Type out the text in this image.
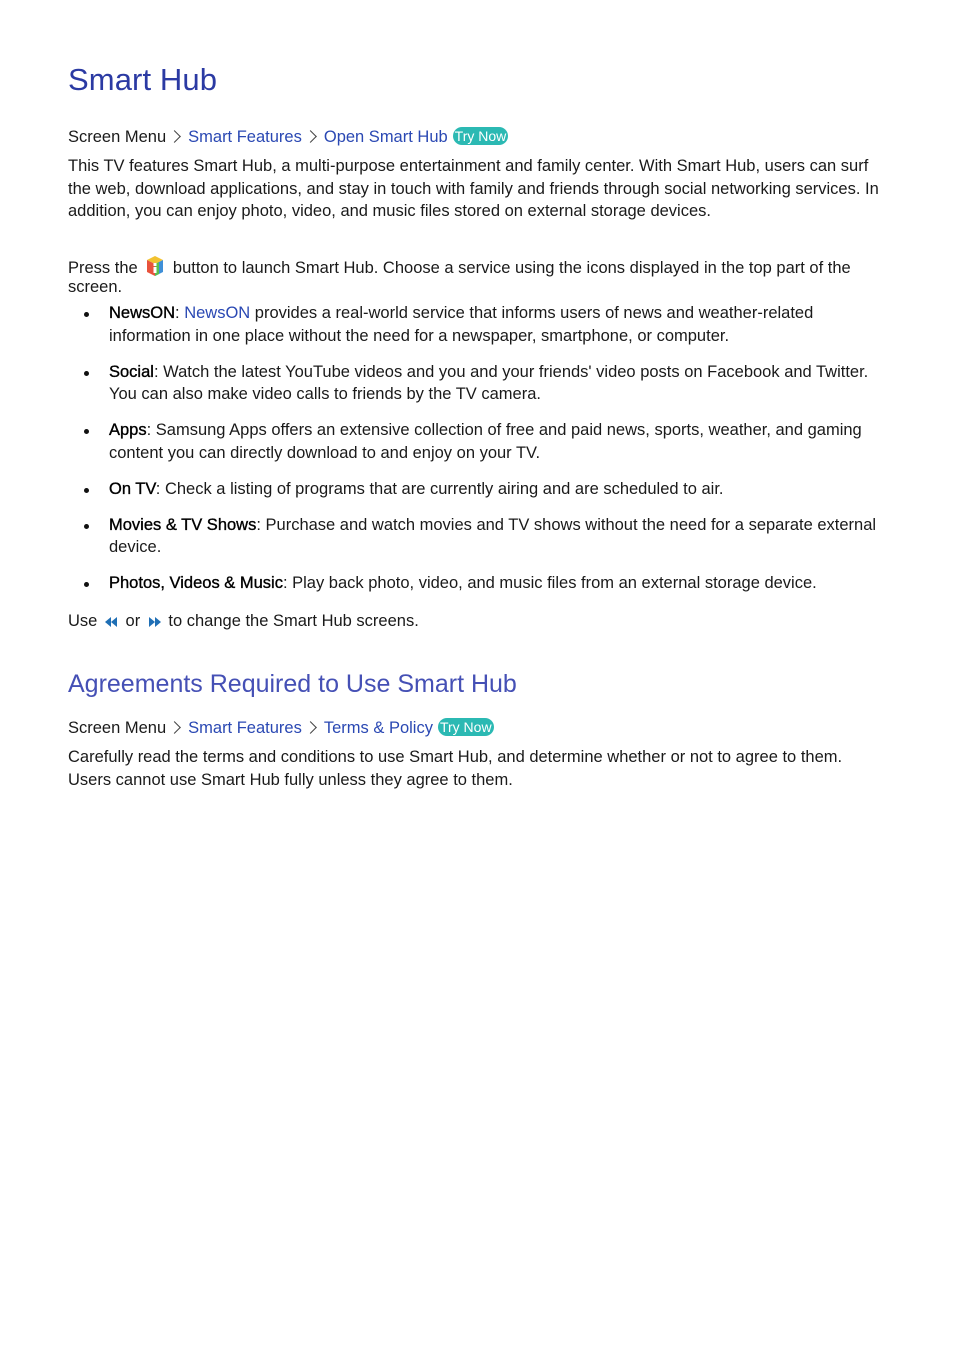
Smart Hub
Screen Menu Smart Features Open Smart Hub Try Now

This TV features Smart Hub, a multi-purpose entertainment and family center. With Smart Hub, users can surf the web, download applications, and stay in touch with family and friends through social networking services. In addition, you can enjoy photo, video, and music files stored on external storage devices.

Press the button to launch Smart Hub. Choose a service using the icons displayed in the top part of the screen.

NewsON: NewsON provides a real-world service that informs users of news and weather-related information in one place without the need for a newspaper, smartphone, or computer.
Social: Watch the latest YouTube videos and you and your friends' video posts on Facebook and Twitter. You can also make video calls to friends by the TV camera.
Apps: Samsung Apps offers an extensive collection of free and paid news, sports, weather, and gaming content you can directly download to and enjoy on your TV.
On TV: Check a listing of programs that are currently airing and are scheduled to air.
Movies & TV Shows: Purchase and watch movies and TV shows without the need for a separate external device.
Photos, Videos & Music: Play back photo, video, and music files from an external storage device.

Use or to change the Smart Hub screens.

Agreements Required to Use Smart Hub
Screen Menu Smart Features Terms & Policy Try Now

Carefully read the terms and conditions to use Smart Hub, and determine whether or not to agree to them. Users cannot use Smart Hub fully unless they agree to them.
